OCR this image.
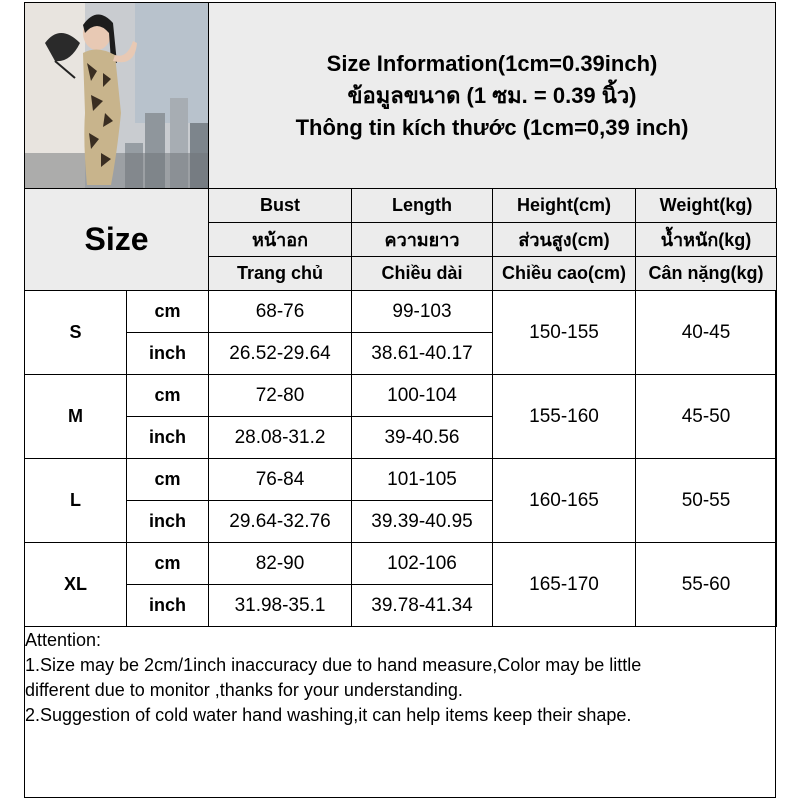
Size Information(1cm=0.39inch)
ข้อมูลขนาด (1 ซม. = 0.39 นิ้ว)
Thông tin kích thước (1cm=0,39 inch)
Size		Bust	Length	Height(cm)	Weight(kg)
		หน้าอก	ความยาว	ส่วนสูง(cm)	น้ำหนัก(kg)
		Trang chủ	Chiều dài	Chiều cao(cm)	Cân nặng(kg)
S	cm	68-76	99-103	150-155	40-45
	inch	26.52-29.64	38.61-40.17		
M	cm	72-80	100-104	155-160	45-50
	inch	28.08-31.2	39-40.56		
L	cm	76-84	101-105	160-165	50-55
	inch	29.64-32.76	39.39-40.95		
XL	cm	82-90	102-106	165-170	55-60
	inch	31.98-35.1	39.78-41.34		
Attention:
1.Size may be 2cm/1inch inaccuracy due to hand measure,Color may be little
different due to monitor ,thanks for your understanding.
2.Suggestion of cold water hand washing,it can help items keep their shape.
